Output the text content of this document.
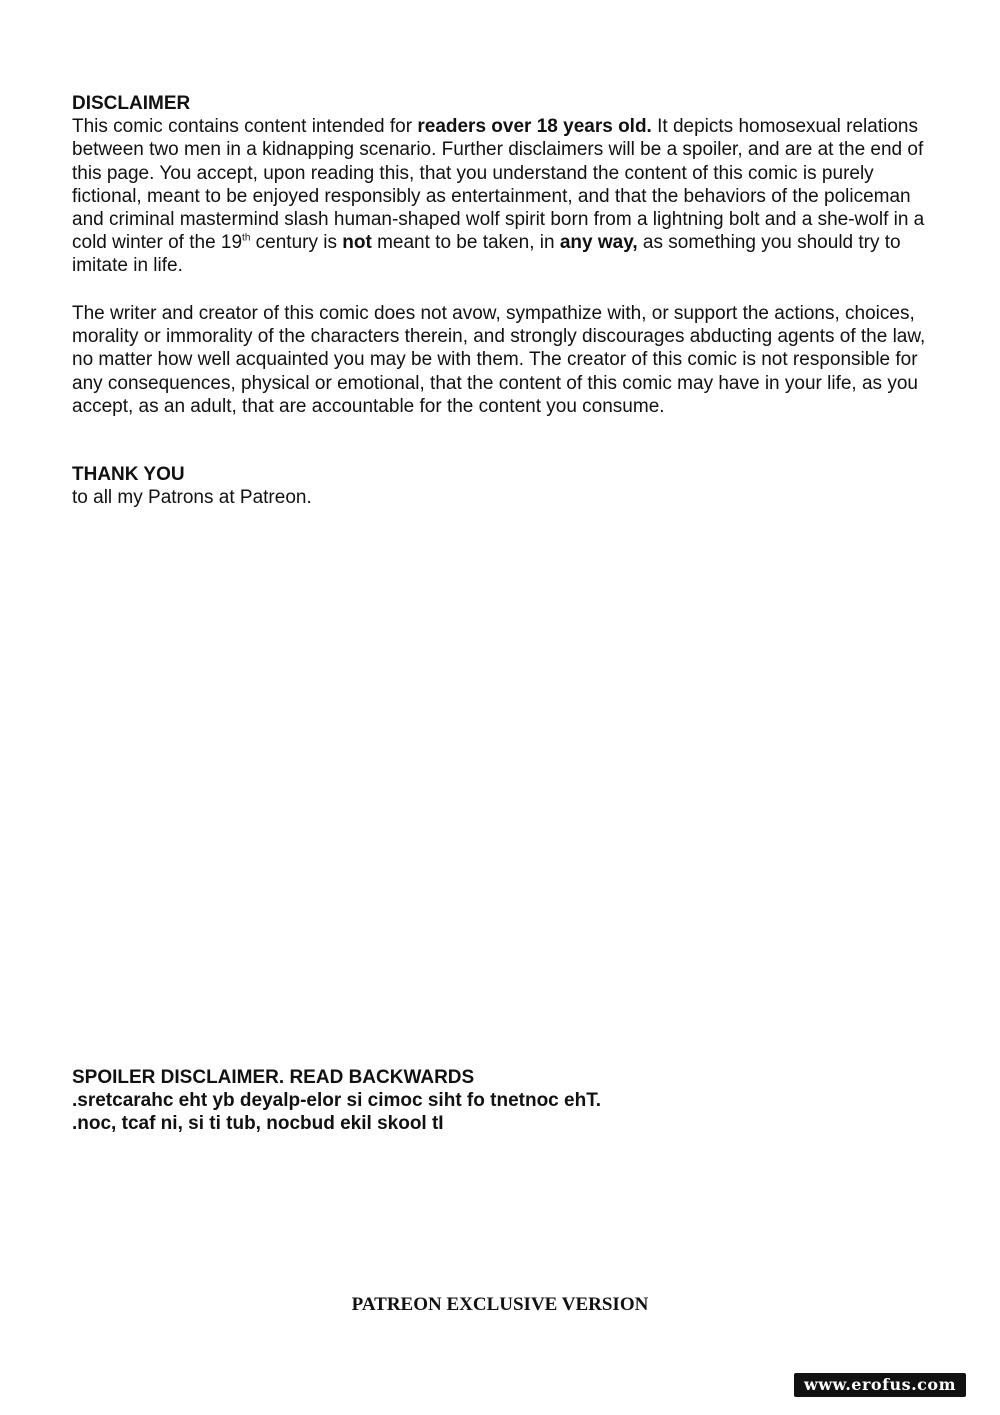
DISCLAIMER

This comic contains content intended for readers over 18 years old. It depicts homosexual relations between two men in a kidnapping scenario. Further disclaimers will be a spoiler, and are at the end of this page. You accept, upon reading this, that you understand the content of this comic is purely fictional, meant to be enjoyed responsibly as entertainment, and that the behaviors of the policeman and criminal mastermind slash human-shaped wolf spirit born from a lightning bolt and a she-wolf in a cold winter of the 19th century is not meant to be taken, in any way, as something you should try to imitate in life.

The writer and creator of this comic does not avow, sympathize with, or support the actions, choices, morality or immorality of the characters therein, and strongly discourages abducting agents of the law, no matter how well acquainted you may be with them. The creator of this comic is not responsible for any consequences, physical or emotional, that the content of this comic may have in your life, as you accept, as an adult, that are accountable for the content you consume.

THANK YOU

to all my Patrons at Patreon.

SPOILER DISCLAIMER. READ BACKWARDS

.sretcarahc eht yb deyalp-elor si cimoc siht fo tnetnoc ehT.

.noc, tcaf ni, si ti tub, nocbud ekil skool tI

PATREON EXCLUSIVE VERSION
www.erofus.com
